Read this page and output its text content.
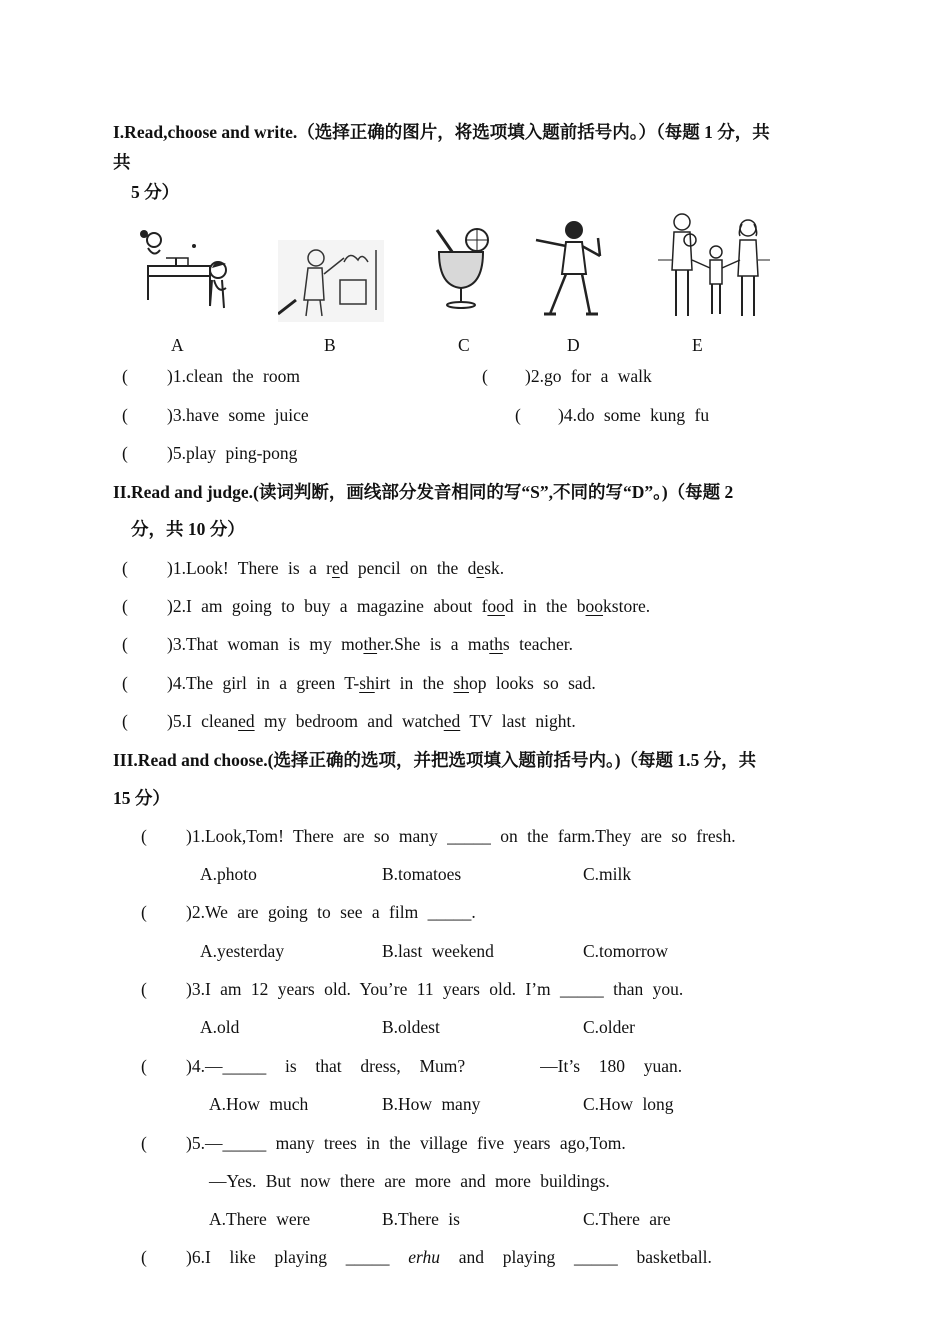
I.Read,choose and write.（选择正确的图片，将选项填入题前括号内。）（每题 1 分，共
共
5 分）
A	B	C	D	E
( )1.clean the room	( )2.go for a walk
( )3.have some juice	( )4.do some kung fu
( )5.play ping-pong
II.Read and judge.(读词判断，画线部分发音相同的写“S”,不同的写“D”。)（每题 2
分，共 10 分）
( )1.Look! There is a red pencil on the desk.
( )2.I am going to buy a magazine about food in the bookstore.
( )3.That woman is my mother.She is a maths teacher.
( )4.The girl in a green T-shirt in the shop looks so sad.
( )5.I cleaned my bedroom and watched TV last night.
III.Read and choose.(选择正确的选项，并把选项填入题前括号内。)（每题 1.5 分，共
15 分）
( )1.Look,Tom! There are so many _____ on the farm.They are so fresh.
A.photo	B.tomatoes	C.milk
( )2.We are going to see a film _____.
A.yesterday	B.last weekend	C.tomorrow
( )3.I am 12 years old. You’re 11 years old. I’m _____ than you.
A.old	B.oldest	C.older
( )4.—_____  is  that  dress,  Mum?        —It’s  180  yuan.
A.How much	B.How many	C.How long
( )5.—_____ many trees in the village five years ago,Tom.
—Yes. But now there are more and more buildings.
A.There were	B.There is	C.There are
( )6.I  like  playing  _____  erhu  and  playing  _____  basketball.
